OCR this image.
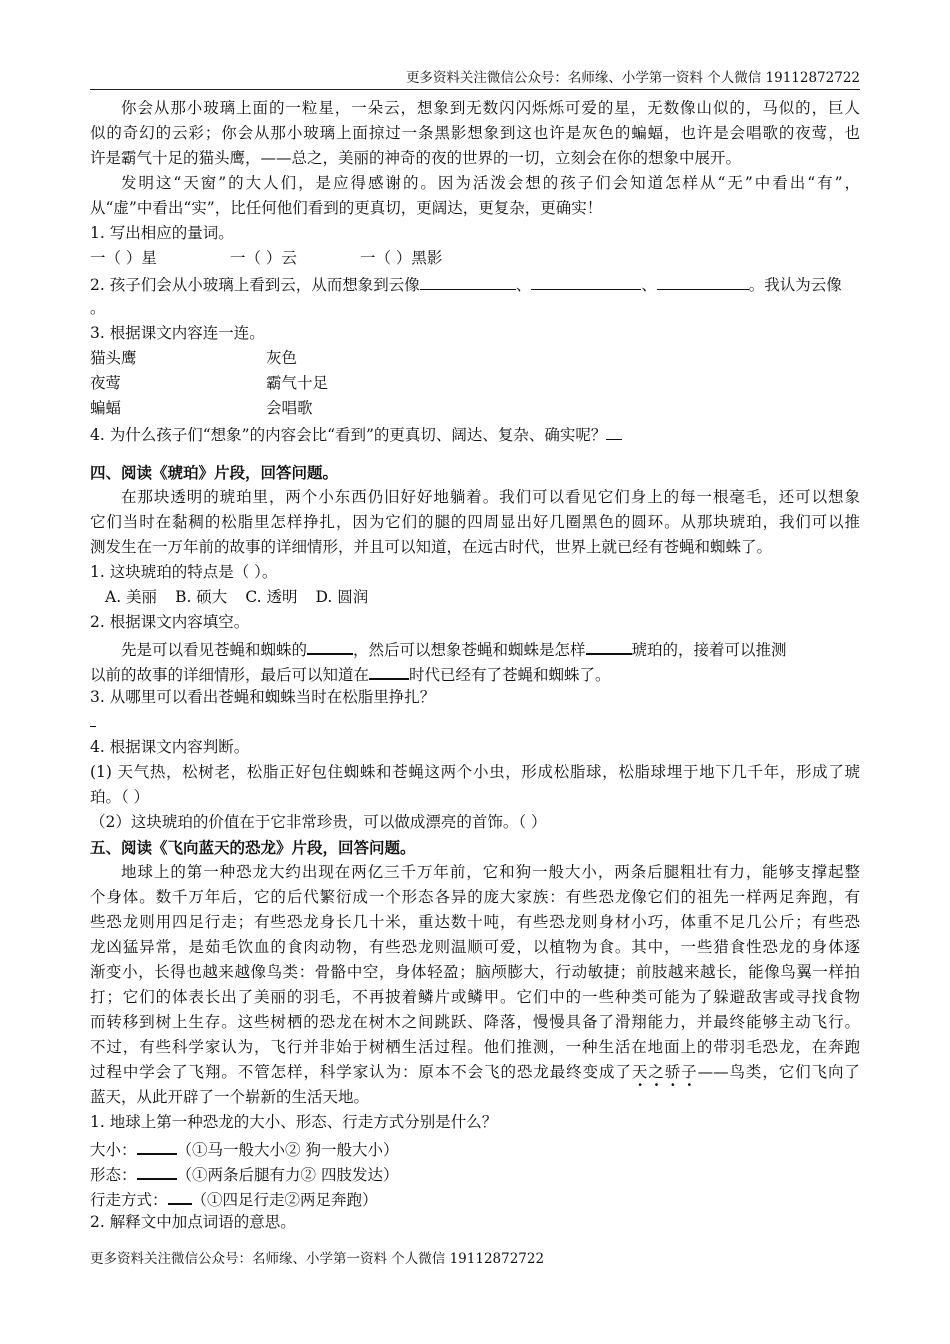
更多资料关注微信公众号：名师缘、小学第一资料 个人微信 19112872722
你会从那小玻璃上面的一粒星，一朵云，想象到无数闪闪烁烁可爱的星，无数像山似的，马似的，巨人
似的奇幻的云彩；你会从那小玻璃上面掠过一条黑影想象到这也许是灰色的蝙蝠，也许是会唱歌的夜莺，也
许是霸气十足的猫头鹰，——总之，美丽的神奇的夜的世界的一切，立刻会在你的想象中展开。
发明这“天窗”的大人们，是应得感谢的。因为活泼会想的孩子们会知道怎样从“无”中看出“有”，
从“虚”中看出“实”，比任何他们看到的更真切，更阔达，更复杂，更确实！
1. 写出相应的量词。
一（ ）星	一（ ）云	一（ ）黑影
2. 孩子们会从小玻璃上看到云，从而想象到云像	、	、	。我认为云像
。
3. 根据课文内容连一连。
猫头鹰	灰色
夜莺	霸气十足
蝙蝠	会唱歌
4. 为什么孩子们“想象”的内容会比“看到”的更真切、阔达、复杂、确实呢？
四、阅读《琥珀》片段，回答问题。
在那块透明的琥珀里，两个小东西仍旧好好地躺着。我们可以看见它们身上的每一根毫毛，还可以想象
它们当时在黏稠的松脂里怎样挣扎，因为它们的腿的四周显出好几圈黑色的圆环。从那块琥珀，我们可以推
测发生在一万年前的故事的详细情形，并且可以知道，在远古时代，世界上就已经有苍蝇和蜘蛛了。
1. 这块琥珀的特点是（ ）。
A. 美丽 B. 硕大 C. 透明 D. 圆润
2. 根据课文内容填空。
先是可以看见苍蝇和蜘蛛的	，然后可以想象苍蝇和蜘蛛是怎样	琥珀的，接着可以推测
以前的故事的详细情形，最后可以知道在	时代已经有了苍蝇和蜘蛛了。
3. 从哪里可以看出苍蝇和蜘蛛当时在松脂里挣扎？
4. 根据课文内容判断。
(1) 天气热，松树老，松脂正好包住蜘蛛和苍蝇这两个小虫，形成松脂球，松脂球埋于地下几千年，形成了琥
珀。（ ）
（2）这块琥珀的价值在于它非常珍贵，可以做成漂亮的首饰。（ ）
五、阅读《飞向蓝天的恐龙》片段，回答问题。
地球上的第一种恐龙大约出现在两亿三千万年前，它和狗一般大小，两条后腿粗壮有力，能够支撑起整
个身体。数千万年后，它的后代繁衍成一个形态各异的庞大家族：有些恐龙像它们的祖先一样两足奔跑，有
些恐龙则用四足行走；有些恐龙身长几十米，重达数十吨，有些恐龙则身材小巧，体重不足几公斤；有些恐
龙凶猛异常，是茹毛饮血的食肉动物，有些恐龙则温顺可爱，以植物为食。其中，一些猎食性恐龙的身体逐
渐变小，长得也越来越像鸟类：骨骼中空，身体轻盈；脑颅膨大，行动敏捷；前肢越来越长，能像鸟翼一样拍
打；它们的体表长出了美丽的羽毛，不再披着鳞片或鳞甲。它们中的一些种类可能为了躲避敌害或寻找食物
而转移到树上生存。这些树栖的恐龙在树木之间跳跃、降落，慢慢具备了滑翔能力，并最终能够主动飞行。
不过，有些科学家认为，飞行并非始于树栖生活过程。他们推测，一种生活在地面上的带羽毛恐龙，在奔跑
过程中学会了飞翔。不管怎样，科学家认为：原本不会飞的恐龙最终变成了天之骄子——鸟类，它们飞向了
蓝天，从此开辟了一个崭新的生活天地。
1. 地球上第一种恐龙的大小、形态、行走方式分别是什么？
大小：	（①马一般大小② 狗一般大小）
形态：	（①两条后腿有力② 四肢发达）
行走方式： （①四足行走②两足奔跑）
2. 解释文中加点词语的意思。
更多资料关注微信公众号：名师缘、小学第一资料 个人微信 19112872722
